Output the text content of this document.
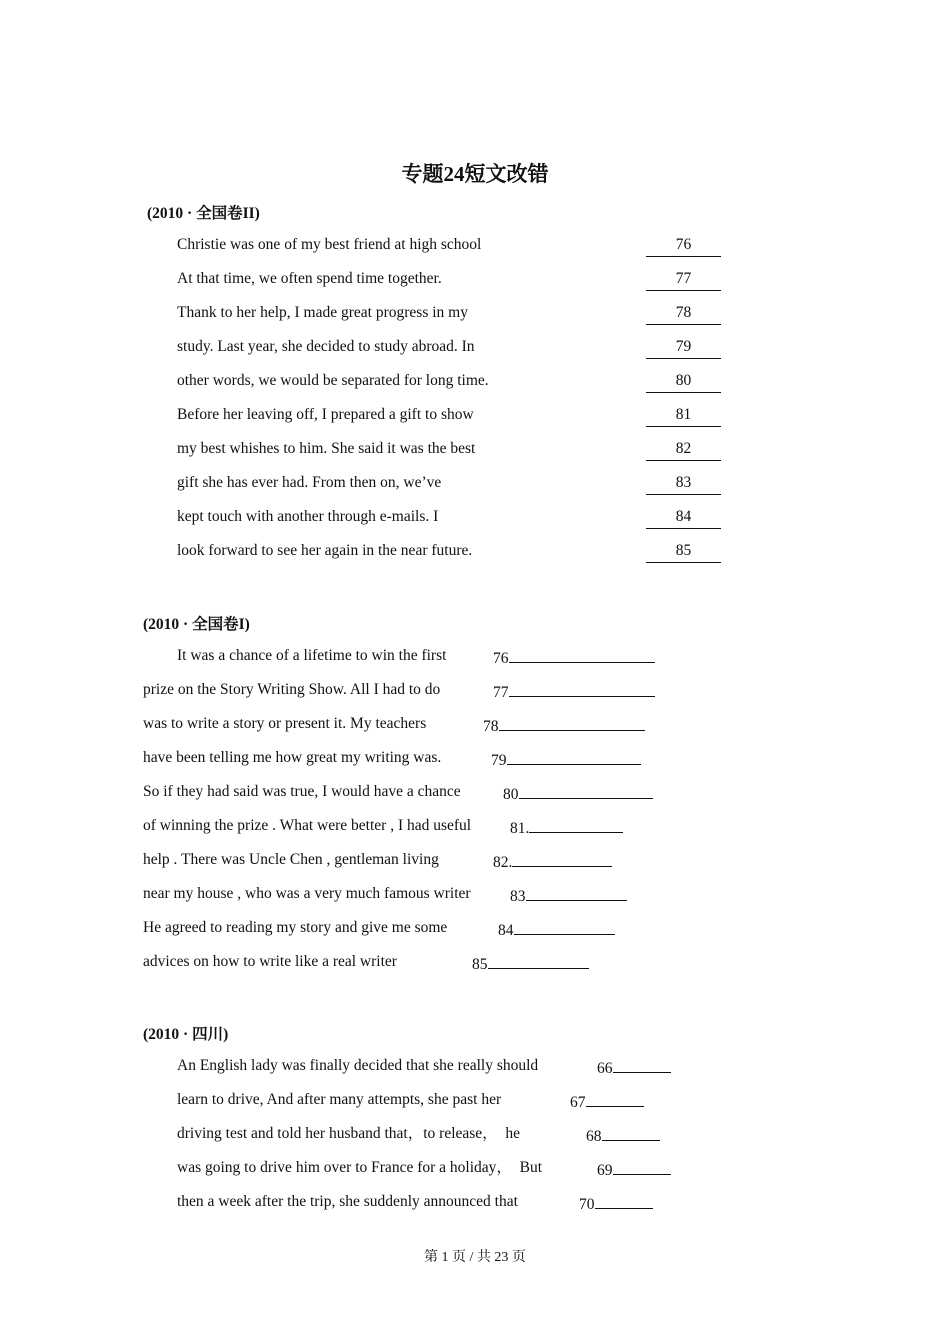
专题24短文改错
(2010 · 全国卷II)
Christie was one of my best friend at high school
At that time, we often spend time together.
Thank to her help, I made great progress in my
study. Last year, she decided to study abroad. In
other words, we would be separated for long time.
Before her leaving off, I prepared a gift to show
my best whishes to him. She said it was the best
gift she has ever had. From then on, we’ve
kept touch with another through e-mails. I
look forward to see her again in the near future.
76
77
78
79
80
81
82
83
84
85
(2010 · 全国卷I)
It was a chance of a lifetime to win the first
prize on the Story Writing Show. All I had to do
was to write a story or present it. My teachers
have been telling me how great my writing was.
So if they had said was true, I would have a chance
of winning the prize . What were better , I had useful
help . There was Uncle Chen , gentleman living
near my house , who was a very much famous writer
He agreed to reading my story and give me some
advices on how to write like a real writer
76
77
78
79
80
81.
82.
83
84
85
(2010 · 四川)
An English lady was finally decided that she really should
learn to drive, And after many attempts, she past her
driving test and told her husband that，to release，  he
was going to drive him over to France for a holiday，  But
then a week after the trip, she suddenly announced that
66
67
68
69
70
第 1 页 / 共 23 页
